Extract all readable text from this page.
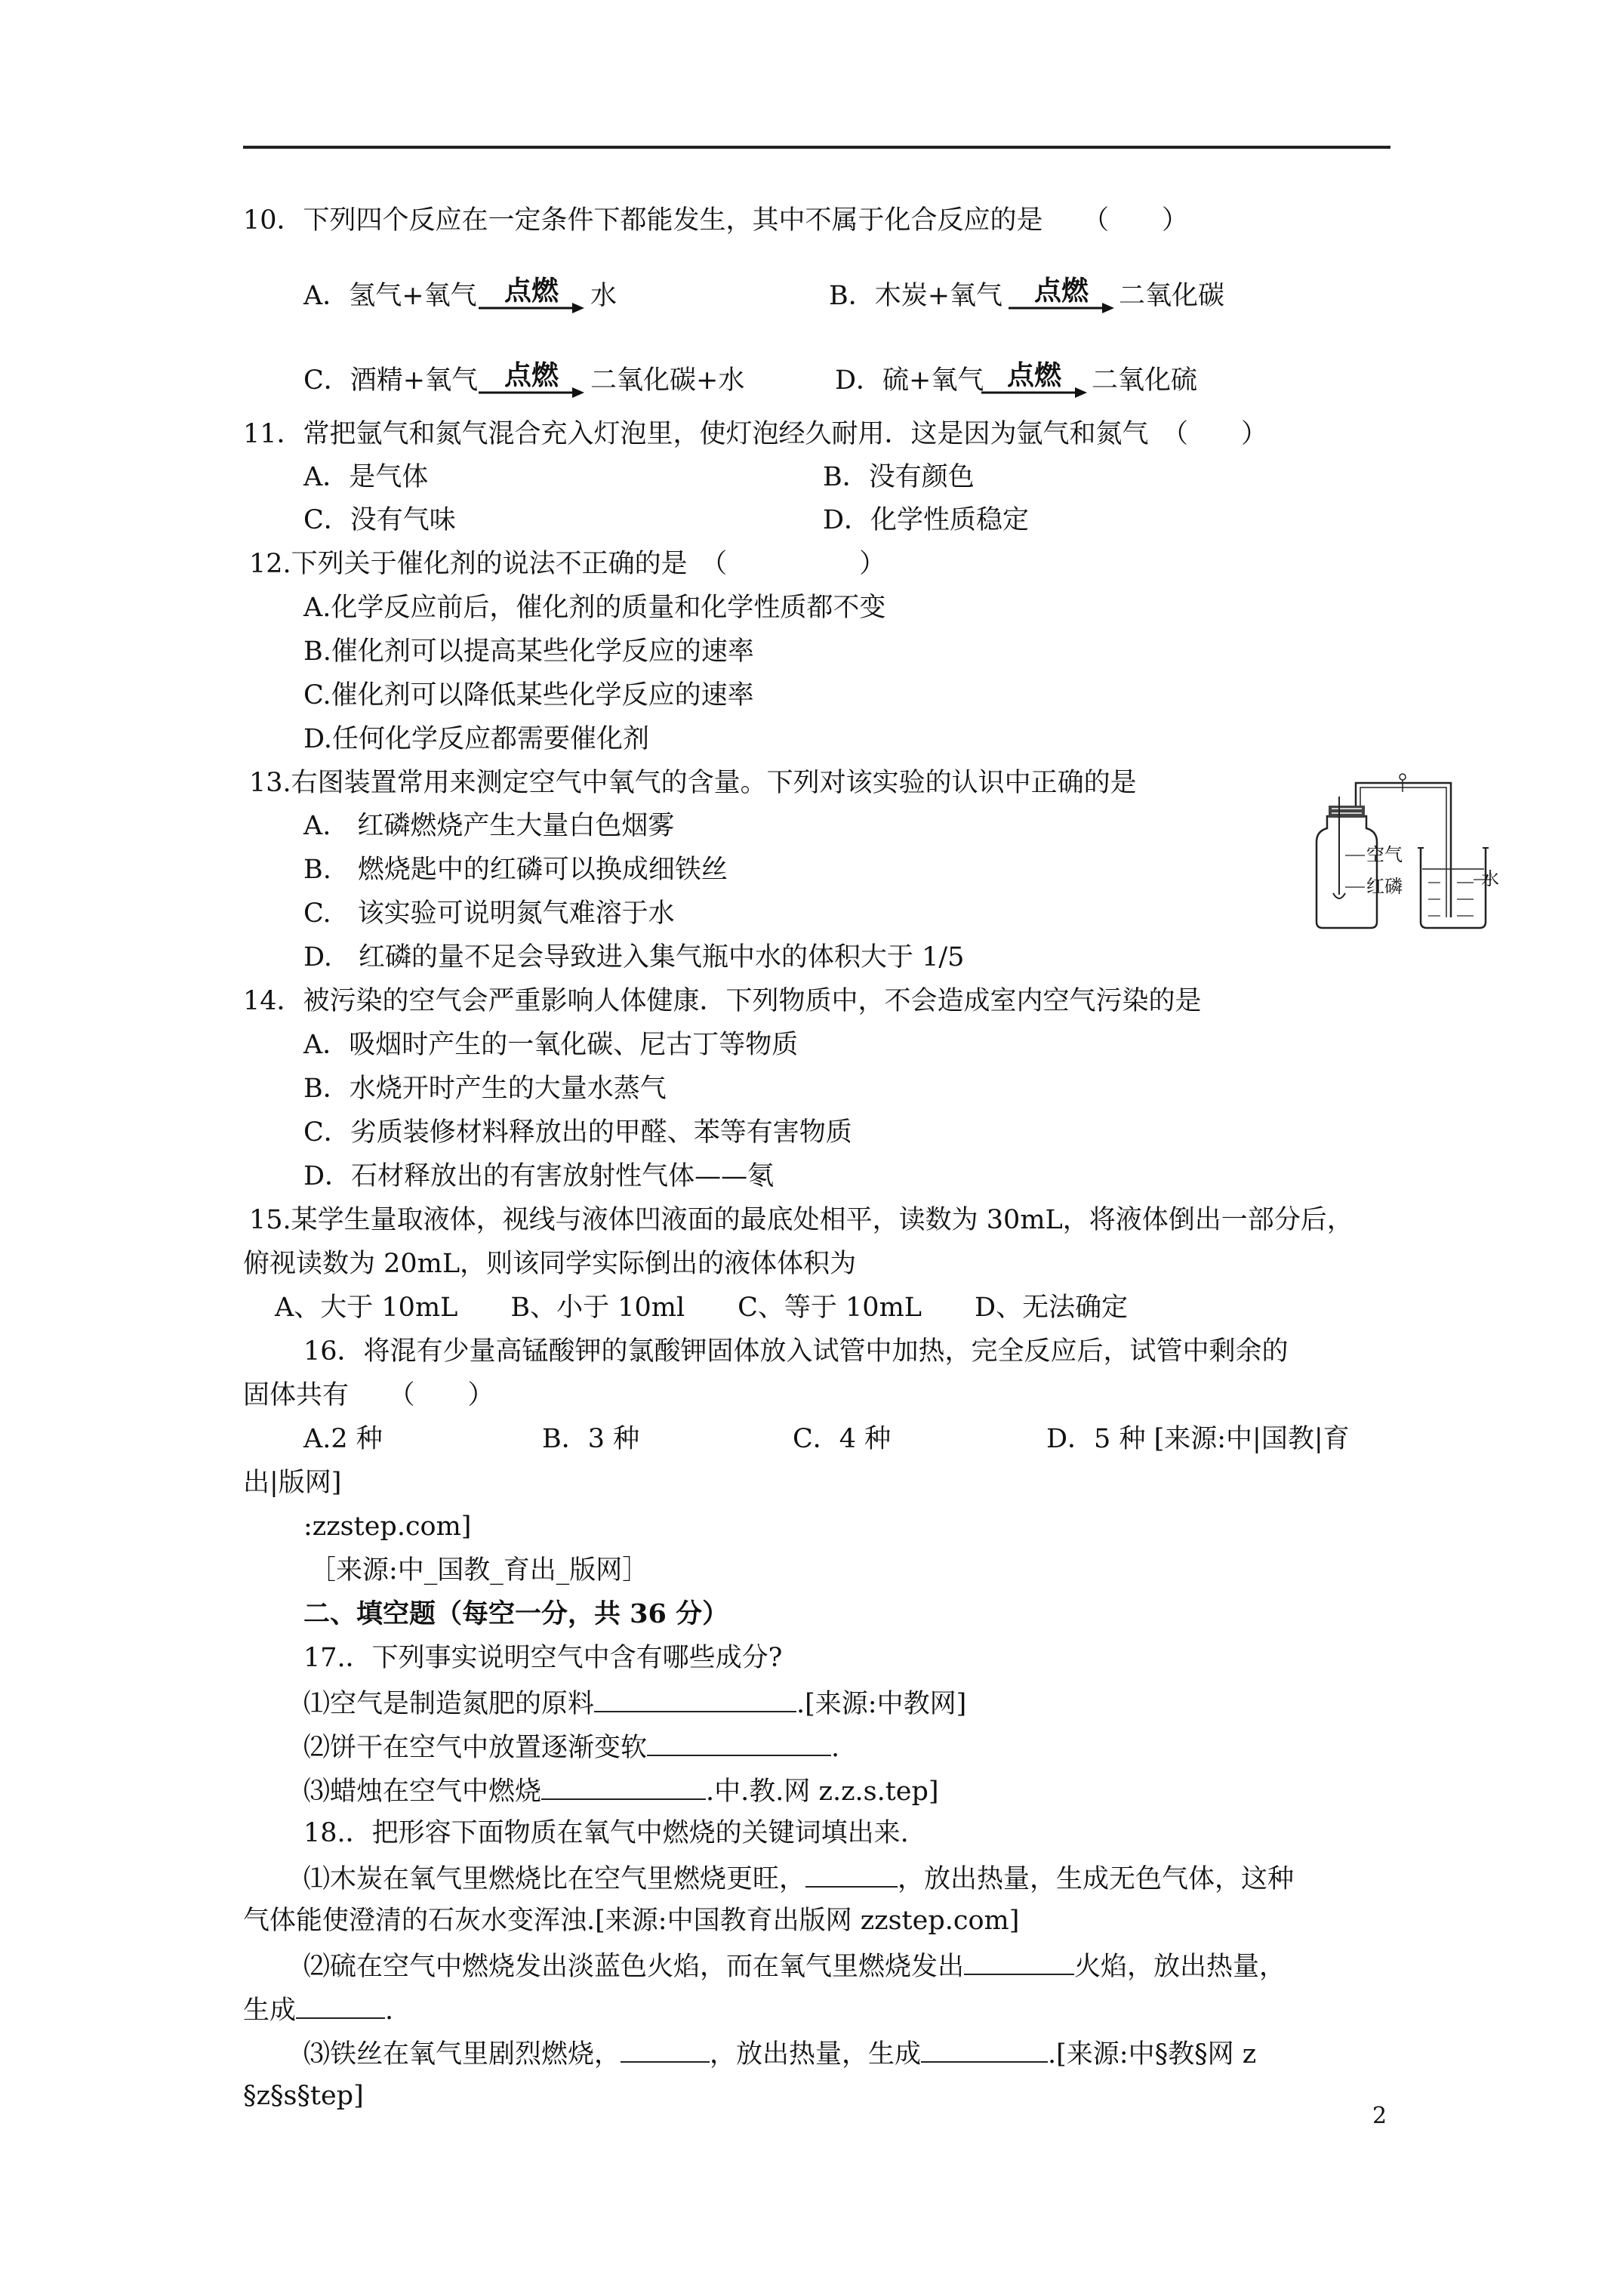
10．下列四个反应在一定条件下都能发生，其中不属于化合反应的是　　（　　）
A．氢气+氧气	点燃	水	B．木炭+氧气	点燃	二氧化碳
C．酒精+氧气 点燃	二氧化碳+水	D．硫+氧气 点燃	二氧化硫
11．常把氩气和氮气混合充入灯泡里，使灯泡经久耐用．这是因为氩气和氮气　（　　）
A．是气体	B．没有颜色
C．没有气味	D．化学性质稳定
12.下列关于催化剂的说法不正确的是　（　　　　　）
A.化学反应前后，催化剂的质量和化学性质都不变
B.催化剂可以提高某些化学反应的速率
C.催化剂可以降低某些化学反应的速率
D.任何化学反应都需要催化剂
13.右图装置常用来测定空气中氧气的含量。下列对该实验的认识中正确的是
A.　红磷燃烧产生大量白色烟雾
B.　燃烧匙中的红磷可以换成细铁丝
C.　该实验可说明氮气难溶于水
D.　红磷的量不足会导致进入集气瓶中水的体积大于 1/5
空气
红磷	水
14．被污染的空气会严重影响人体健康．下列物质中，不会造成室内空气污染的是
A．吸烟时产生的一氧化碳、尼古丁等物质
B．水烧开时产生的大量水蒸气
C．劣质装修材料释放出的甲醛、苯等有害物质
D．石材释放出的有害放射性气体——氡
15.某学生量取液体，视线与液体凹液面的最底处相平，读数为 30mL，将液体倒出一部分后，
俯视读数为 20mL，则该同学实际倒出的液体体积为
A、大于 10mL　　B、小于 10ml　　C、等于 10mL　　D、无法确定
16．将混有少量高锰酸钾的氯酸钾固体放入试管中加热，完全反应后，试管中剩余的
固体共有　　（　　）
A.2 种	B．3 种	C．4 种	D．5 种 [来源:中|国教|育
出|版网]
:zzstep.com]
［来源:中_国教_育出_版网］
二、填空题（每空一分，共 36 分）
17.．下列事实说明空气中含有哪些成分?
⑴空气是制造氮肥的原料	.[来源:中教网]
⑵饼干在空气中放置逐渐变软	.
⑶蜡烛在空气中燃烧	.中.教.网 z.z.s.tep]
18.．把形容下面物质在氧气中燃烧的关键词填出来.
⑴木炭在氧气里燃烧比在空气里燃烧更旺，	，放出热量，生成无色气体，这种
气体能使澄清的石灰水变浑浊.[来源:中国教育出版网 zzstep.com]
⑵硫在空气中燃烧发出淡蓝色火焰，而在氧气里燃烧发出	火焰，放出热量，
生成	.
⑶铁丝在氧气里剧烈燃烧，	，放出热量，生成	.[来源:中§教§网 z
§z§s§tep]
2
